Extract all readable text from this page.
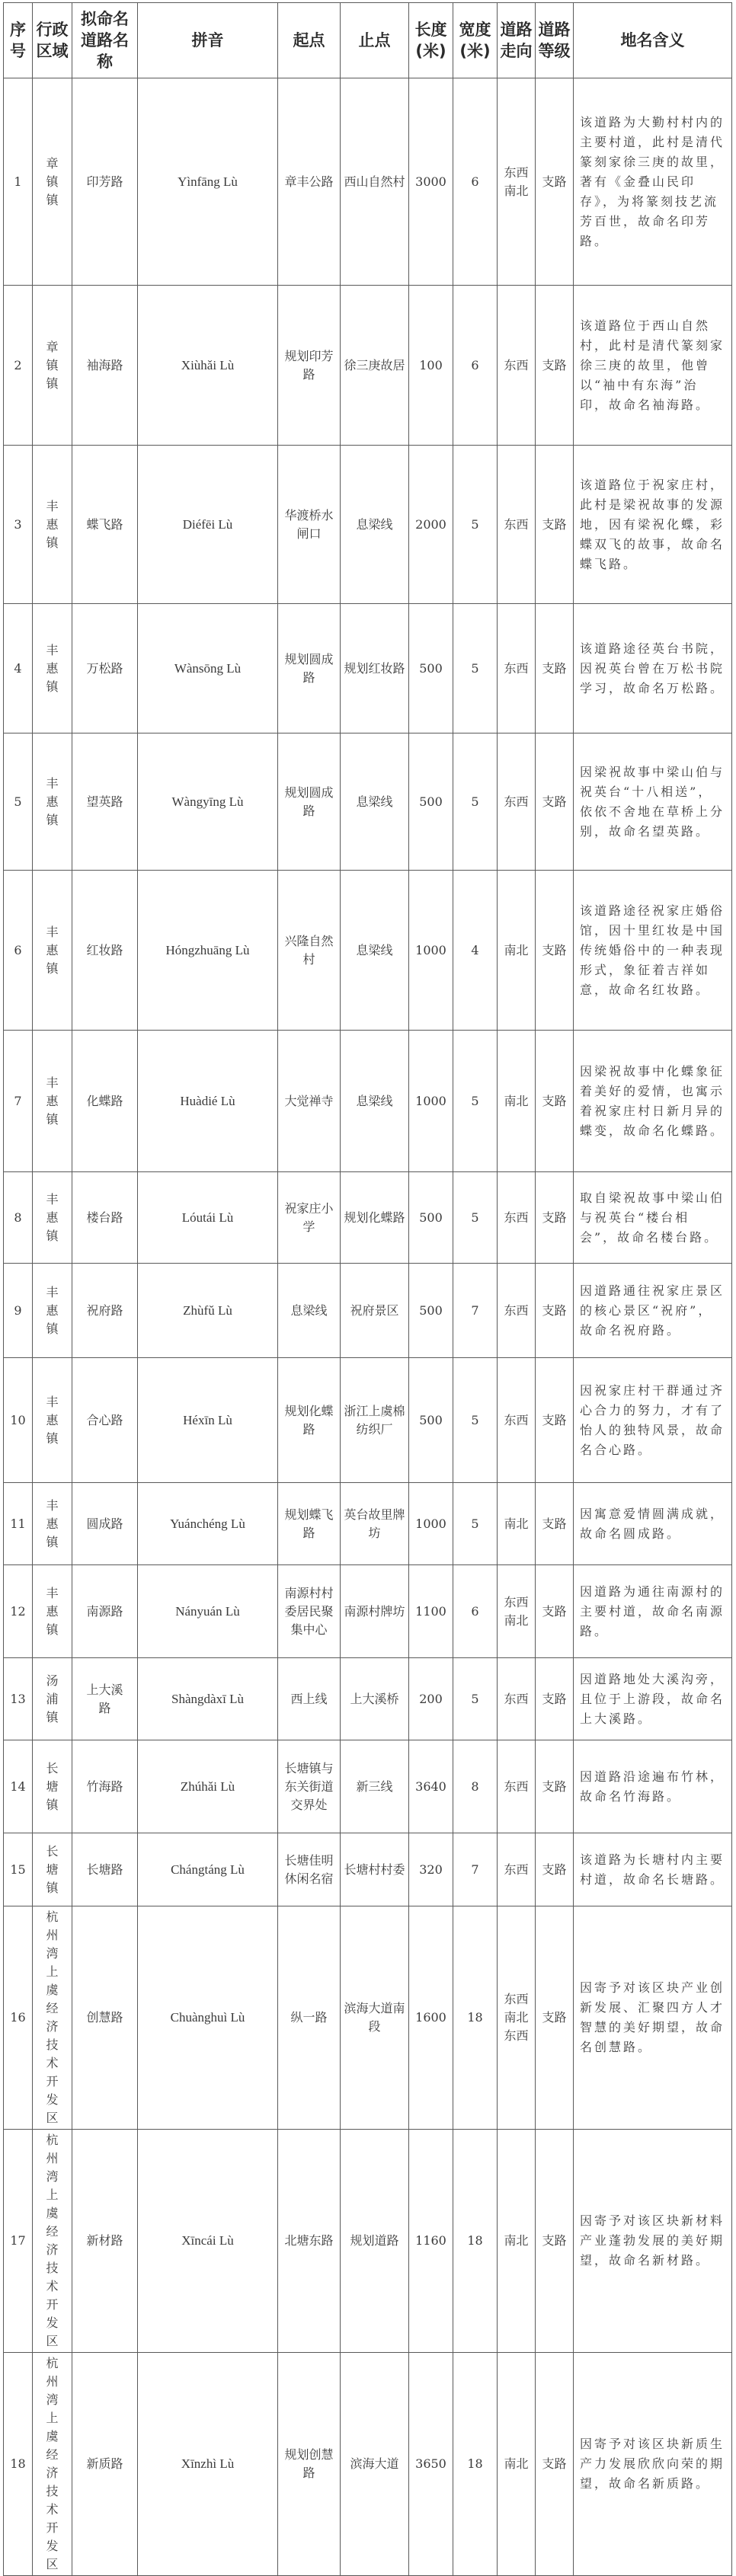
序号	行政区域	拟命名道路名称	拼音	起点	止点	长度(米)	宽度(米)	道路走向	道路等级	地名含义
1	章镇镇	印芳路	Yìnfāng Lù	章丰公路	西山自然村	3000	6	东西南北	支路	该道路为大勤村村内的主要村道，此村是清代篆刻家徐三庚的故里，著有《金叠山民印存》，为将篆刻技艺流芳百世，故命名印芳路。
2	章镇镇	袖海路	Xiùhǎi Lù	规划印芳路	徐三庚故居	100	6	东西	支路	该道路位于西山自然村，此村是清代篆刻家徐三庚的故里，他曾以“袖中有东海”治印，故命名袖海路。
3	丰惠镇	蝶飞路	Diéfēi Lù	华渡桥水闸口	息梁线	2000	5	东西	支路	该道路位于祝家庄村，此村是梁祝故事的发源地，因有梁祝化蝶，彩蝶双飞的故事，故命名蝶飞路。
4	丰惠镇	万松路	Wànsōng Lù	规划圆成路	规划红妆路	500	5	东西	支路	该道路途径英台书院，因祝英台曾在万松书院学习，故命名万松路。
5	丰惠镇	望英路	Wàngyīng Lù	规划圆成路	息梁线	500	5	东西	支路	因梁祝故事中梁山伯与祝英台“十八相送”，依依不舍地在草桥上分别，故命名望英路。
6	丰惠镇	红妆路	Hóngzhuāng Lù	兴隆自然村	息梁线	1000	4	南北	支路	该道路途径祝家庄婚俗馆，因十里红妆是中国传统婚俗中的一种表现形式，象征着吉祥如意，故命名红妆路。
7	丰惠镇	化蝶路	Huàdié Lù	大觉禅寺	息梁线	1000	5	南北	支路	因梁祝故事中化蝶象征着美好的爱情，也寓示着祝家庄村日新月异的蝶变，故命名化蝶路。
8	丰惠镇	楼台路	Lóutái Lù	祝家庄小学	规划化蝶路	500	5	东西	支路	取自梁祝故事中梁山伯与祝英台“楼台相会”，故命名楼台路。
9	丰惠镇	祝府路	Zhùfǔ Lù	息梁线	祝府景区	500	7	东西	支路	因道路通往祝家庄景区的核心景区“祝府”，故命名祝府路。
10	丰惠镇	合心路	Héxīn Lù	规划化蝶路	浙江上虞棉纺织厂	500	5	东西	支路	因祝家庄村干群通过齐心合力的努力，才有了怡人的独特风景，故命名合心路。
11	丰惠镇	圆成路	Yuánchéng Lù	规划蝶飞路	英台故里牌坊	1000	5	南北	支路	因寓意爱情圆满成就，故命名圆成路。
12	丰惠镇	南源路	Nányuán Lù	南源村村委居民聚集中心	南源村牌坊	1100	6	东西南北	支路	因道路为通往南源村的主要村道，故命名南源路。
13	汤浦镇	上大溪路	Shàngdàxī Lù	西上线	上大溪桥	200	5	东西	支路	因道路地处大溪沟旁，且位于上游段，故命名上大溪路。
14	长塘镇	竹海路	Zhúhǎi Lù	长塘镇与东关街道交界处	新三线	3640	8	东西	支路	因道路沿途遍布竹林，故命名竹海路。
15	长塘镇	长塘路	Chángtáng Lù	长塘佳明休闲名宿	长塘村村委	320	7	东西	支路	该道路为长塘村内主要村道，故命名长塘路。
16	杭州湾上虞经济技术开发区	创慧路	Chuànghuì Lù	纵一路	滨海大道南段	1600	18	东西南北东西	支路	因寄予对该区块产业创新发展、汇聚四方人才智慧的美好期望，故命名创慧路。
17	杭州湾上虞经济技术开发区	新材路	Xīncái Lù	北塘东路	规划道路	1160	18	南北	支路	因寄予对该区块新材料产业蓬勃发展的美好期望，故命名新材路。
18	杭州湾上虞经济技术开发区	新质路	Xīnzhì Lù	规划创慧路	滨海大道	3650	18	南北	支路	因寄予对该区块新质生产力发展欣欣向荣的期望，故命名新质路。
